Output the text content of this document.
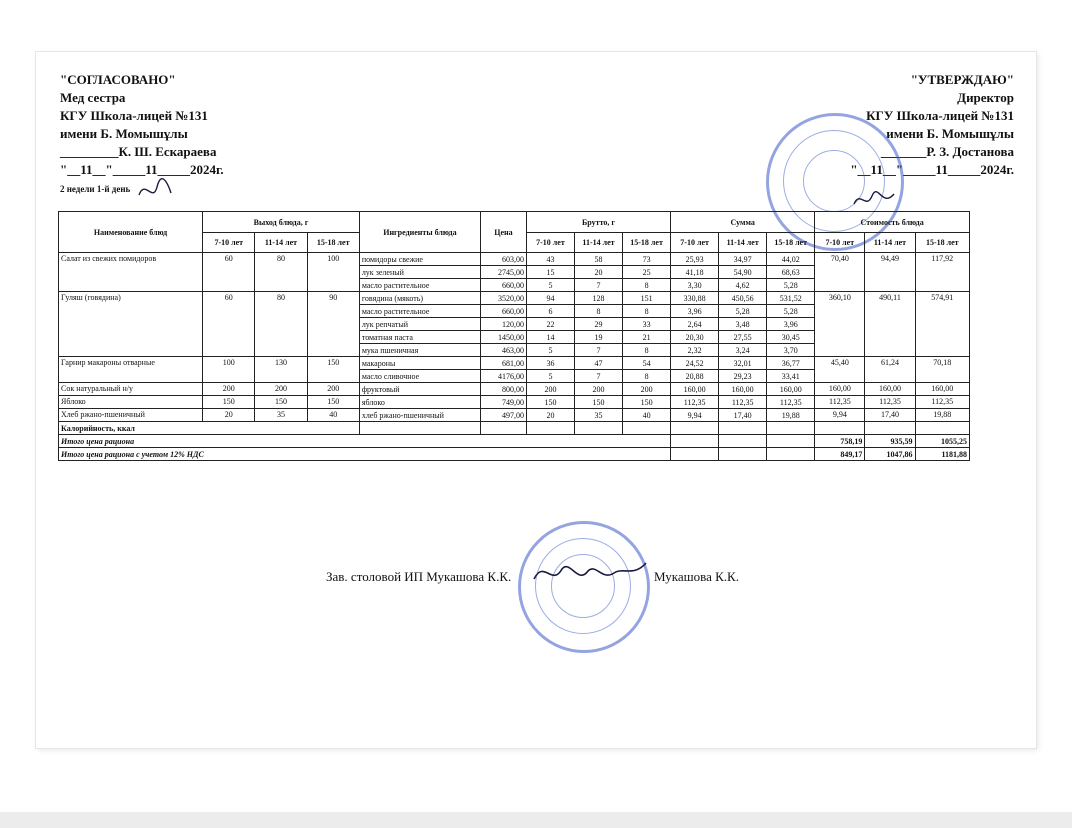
"СОГЛАСОВАНО"
Мед сестра
КГУ Школа-лицей №131
имени Б. Момышұлы
_________К. Ш. Ескараева
"__11__"_____11_____2024г.
"УТВЕРЖДАЮ"
Директор
КГУ Школа-лицей №131
имени Б. Момышұлы
_______Р. З. Достанова
"__11__"_____11_____2024г.
2 недели 1-й день
Наименование блюд	Выход блюда, г			Ингредиенты блюда	Цена	Брутто, г			Сумма			Стоимость блюда		
	7-10 лет	11-14 лет	15-18 лет			7-10 лет	11-14 лет	15-18 лет	7-10 лет	11-14 лет	15-18 лет	7-10 лет	11-14 лет	15-18 лет
Салат из свежих помидоров	60	80	100	помидоры свежие	603,00	43	58	73	25,93	34,97	44,02	70,40	94,49	117,92
				лук зеленый	2745,00	15	20	25	41,18	54,90	68,63			
				масло растительное	660,00	5	7	8	3,30	4,62	5,28			
Гуляш (говядина)	60	80	90	говядина (мякоть)	3520,00	94	128	151	330,88	450,56	531,52	360,10	490,11	574,91
				масло растительное	660,00	6	8	8	3,96	5,28	5,28			
				лук репчатый	120,00	22	29	33	2,64	3,48	3,96			
				томатная паста	1450,00	14	19	21	20,30	27,55	30,45			
				мука пшеничная	463,00	5	7	8	2,32	3,24	3,70			
Гарнир макароны отварные	100	130	150	макароны	681,00	36	47	54	24,52	32,01	36,77	45,40	61,24	70,18
				масло сливочное	4176,00	5	7	8	20,88	29,23	33,41			
Сок натуральный н/у	200	200	200	фруктовый	800,00	200	200	200	160,00	160,00	160,00	160,00	160,00	160,00
Яблоко	150	150	150	яблоко	749,00	150	150	150	112,35	112,35	112,35	112,35	112,35	112,35
Хлеб ржано-пшеничный	20	35	40	хлеб ржано-пшеничный	497,00	20	35	40	9,94	17,40	19,88	9,94	17,40	19,88
Калорийность, ккал														
Итого цена рациона												758,19	935,59	1055,25
Итого цена рациона с учетом 12% НДС												849,17	1047,86	1181,88
Зав. столовой ИП Мукашова К.К.	Мукашова К.К.
